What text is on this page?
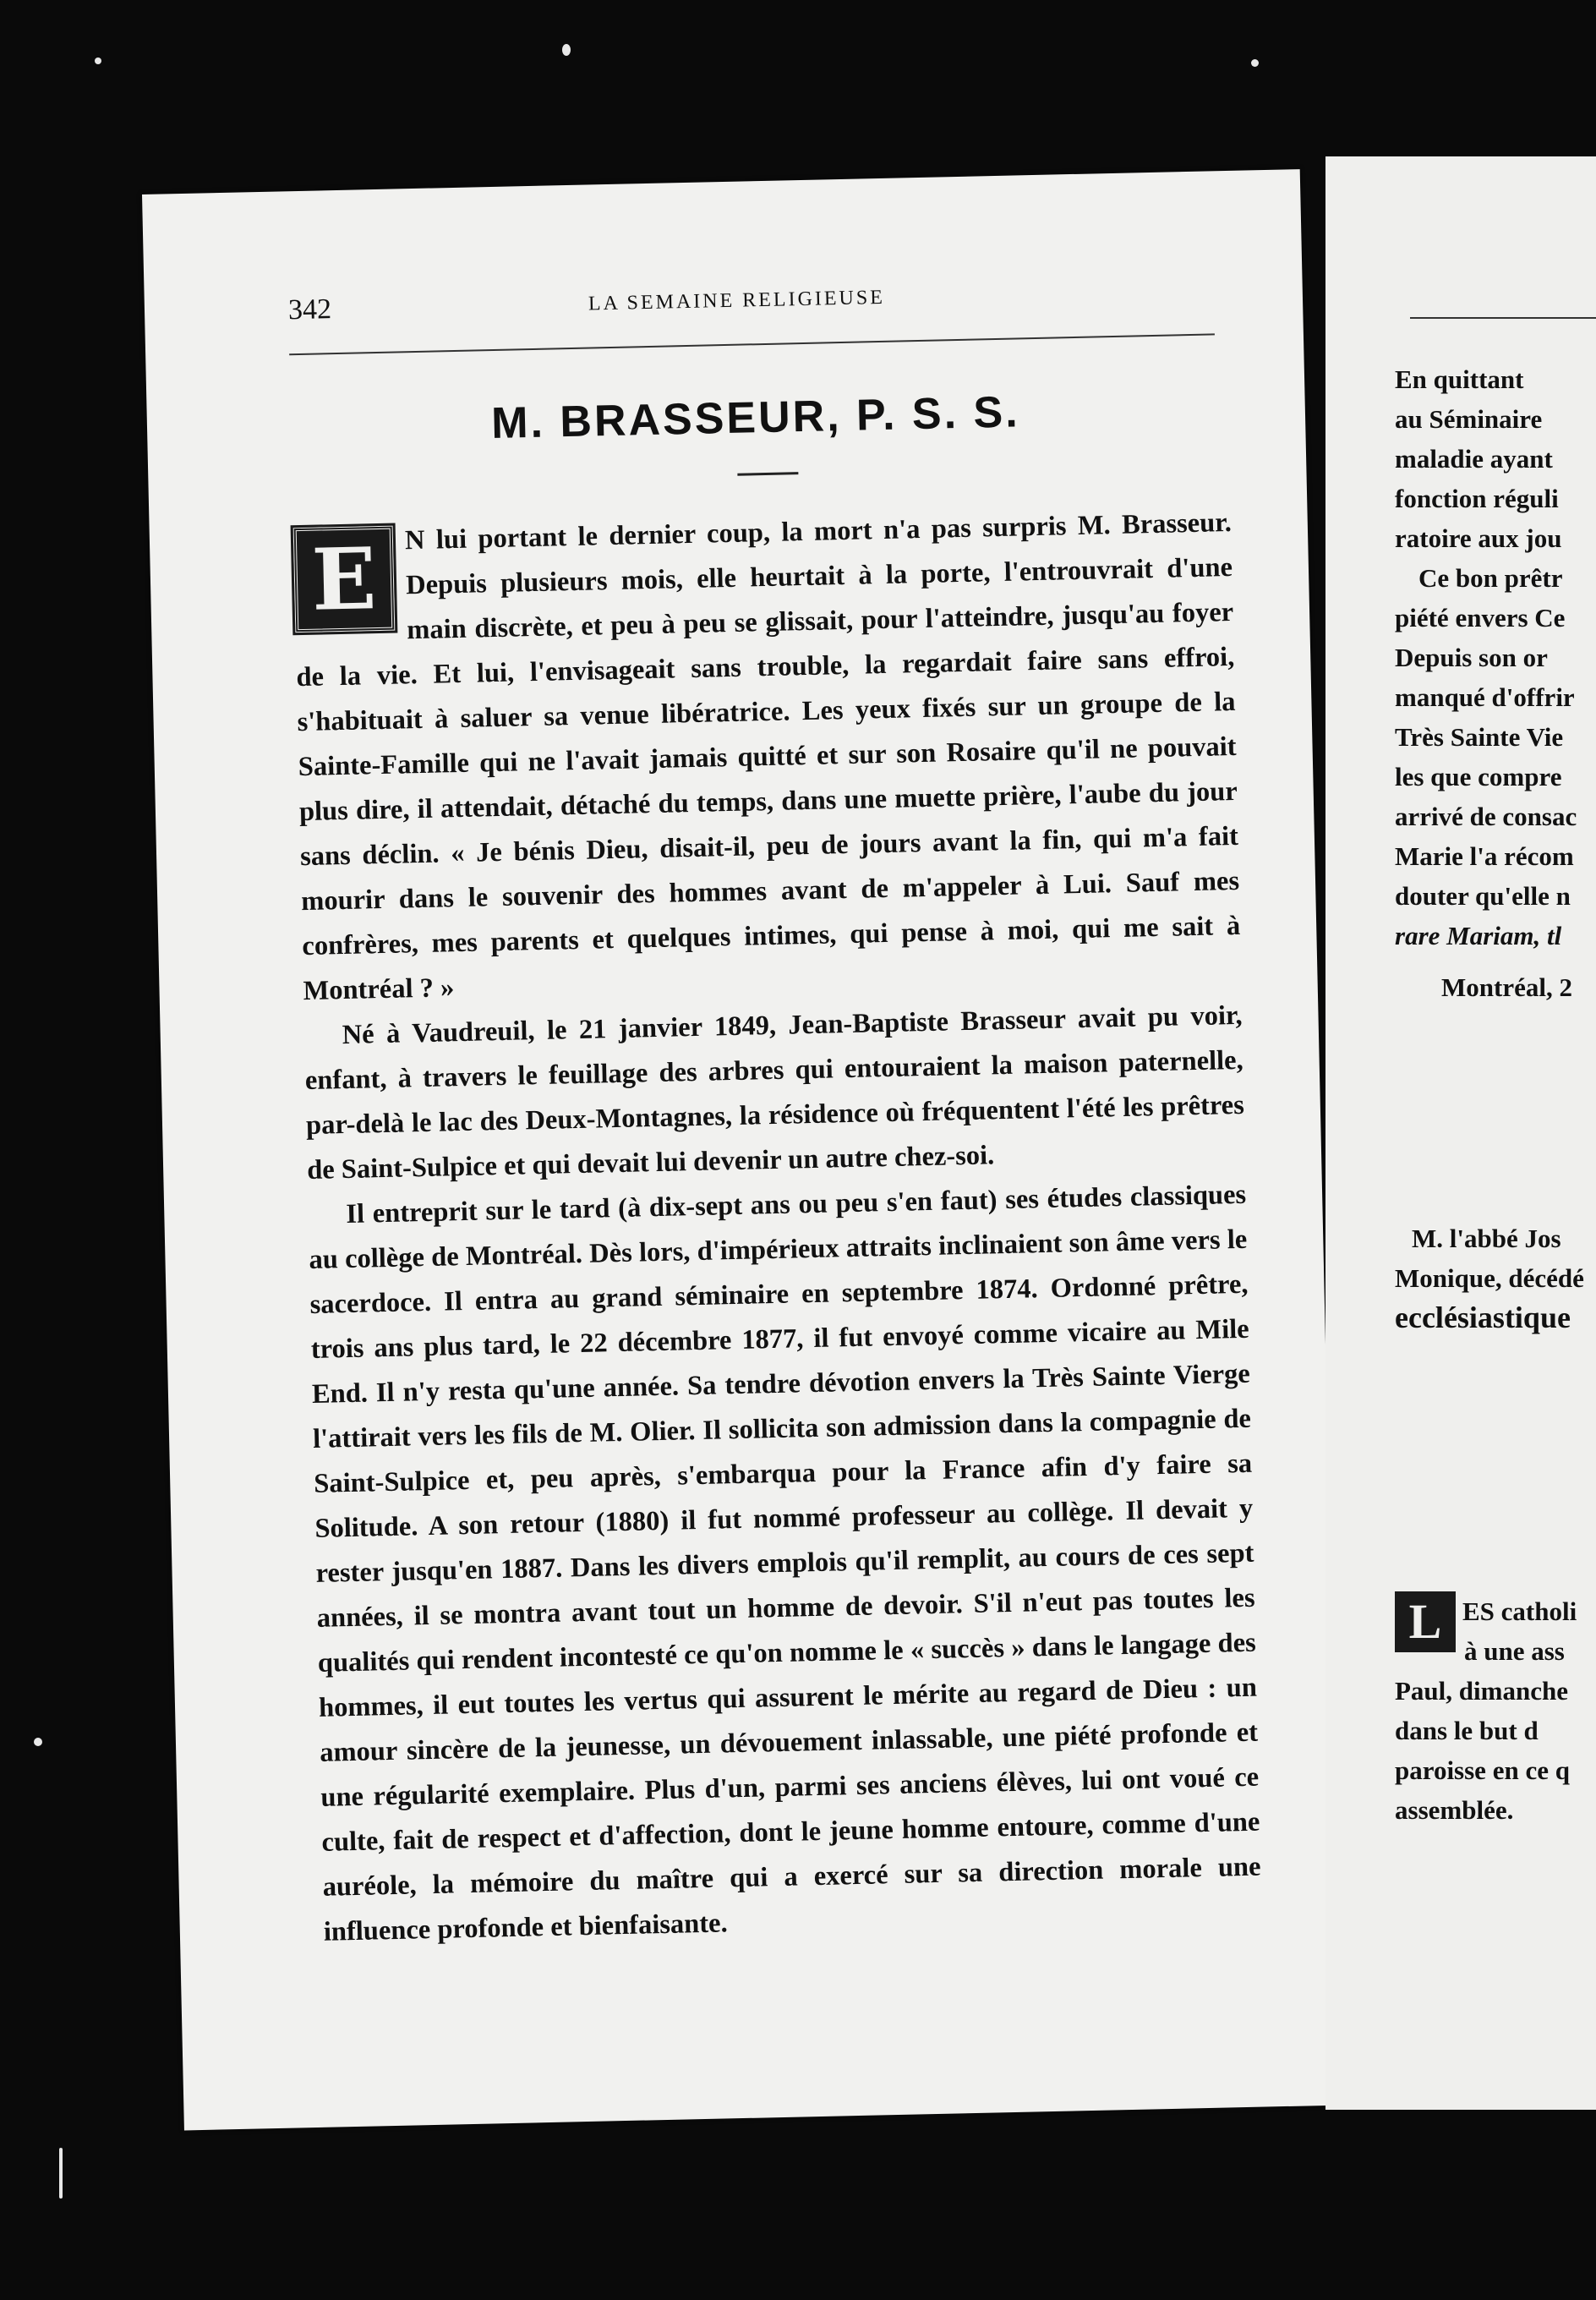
342	LA SEMAINE RELIGIEUSE
M. BRASSEUR, P. S. S.

E N lui portant le dernier coup, la mort n'a pas surpris M. Brasseur. Depuis plusieurs mois, elle heurtait à la porte, l'entrouvrait d'une main discrète, et peu à peu se glissait, pour l'atteindre, jusqu'au foyer de la vie. Et lui, l'envisageait sans trouble, la regardait faire sans effroi, s'habituait à saluer sa venue libératrice. Les yeux fixés sur un groupe de la Sainte-Famille qui ne l'avait jamais quitté et sur son Rosaire qu'il ne pouvait plus dire, il attendait, détaché du temps, dans une muette prière, l'aube du jour sans déclin. « Je bénis Dieu, disait-il, peu de jours avant la fin, qui m'a fait mourir dans le souvenir des hommes avant de m'appeler à Lui. Sauf mes confrères, mes parents et quelques intimes, qui pense à moi, qui me sait à Montréal ? »

Né à Vaudreuil, le 21 janvier 1849, Jean-Baptiste Brasseur avait pu voir, enfant, à travers le feuillage des arbres qui entouraient la maison paternelle, par-delà le lac des Deux-Montagnes, la résidence où fréquentent l'été les prêtres de Saint-Sulpice et qui devait lui devenir un autre chez-soi.

Il entreprit sur le tard (à dix-sept ans ou peu s'en faut) ses études classiques au collège de Montréal. Dès lors, d'impérieux attraits inclinaient son âme vers le sacerdoce. Il entra au grand séminaire en septembre 1874. Ordonné prêtre, trois ans plus tard, le 22 décembre 1877, il fut envoyé comme vicaire au Mile End. Il n'y resta qu'une année. Sa tendre dévotion envers la Très Sainte Vierge l'attirait vers les fils de M. Olier. Il sollicita son admission dans la compagnie de Saint-Sulpice et, peu après, s'embarqua pour la France afin d'y faire sa Solitude. A son retour (1880) il fut nommé professeur au collège. Il devait y rester jusqu'en 1887. Dans les divers emplois qu'il remplit, au cours de ces sept années, il se montra avant tout un homme de devoir. S'il n'eut pas toutes les qualités qui rendent incontesté ce qu'on nomme le « succès » dans le langage des hommes, il eut toutes les vertus qui assurent le mérite au regard de Dieu : un amour sincère de la jeunesse, un dévouement inlassable, une piété profonde et une régularité exemplaire. Plus d'un, parmi ses anciens élèves, lui ont voué ce culte, fait de respect et d'affection, dont le jeune homme entoure, comme d'une auréole, la mémoire du maître qui a exercé sur sa direction morale une influence profonde et bienfaisante.

En quittant
au Séminaire
maladie ayant
fonction réguli
ratoire aux jou
Ce bon prêtr
piété envers Ce
Depuis son or
manqué d'offrir
Très Sainte Vie
les que compre
arrivé de consac
Marie l'a récom
douter qu'elle n
rare Mariam, tl
Montréal, 2
M. l'abbé Jos
Monique, décédé
ecclésiastique
L ES catholi
à une ass
Paul, dimanche
dans le but d
paroisse en ce q
assemblée.
